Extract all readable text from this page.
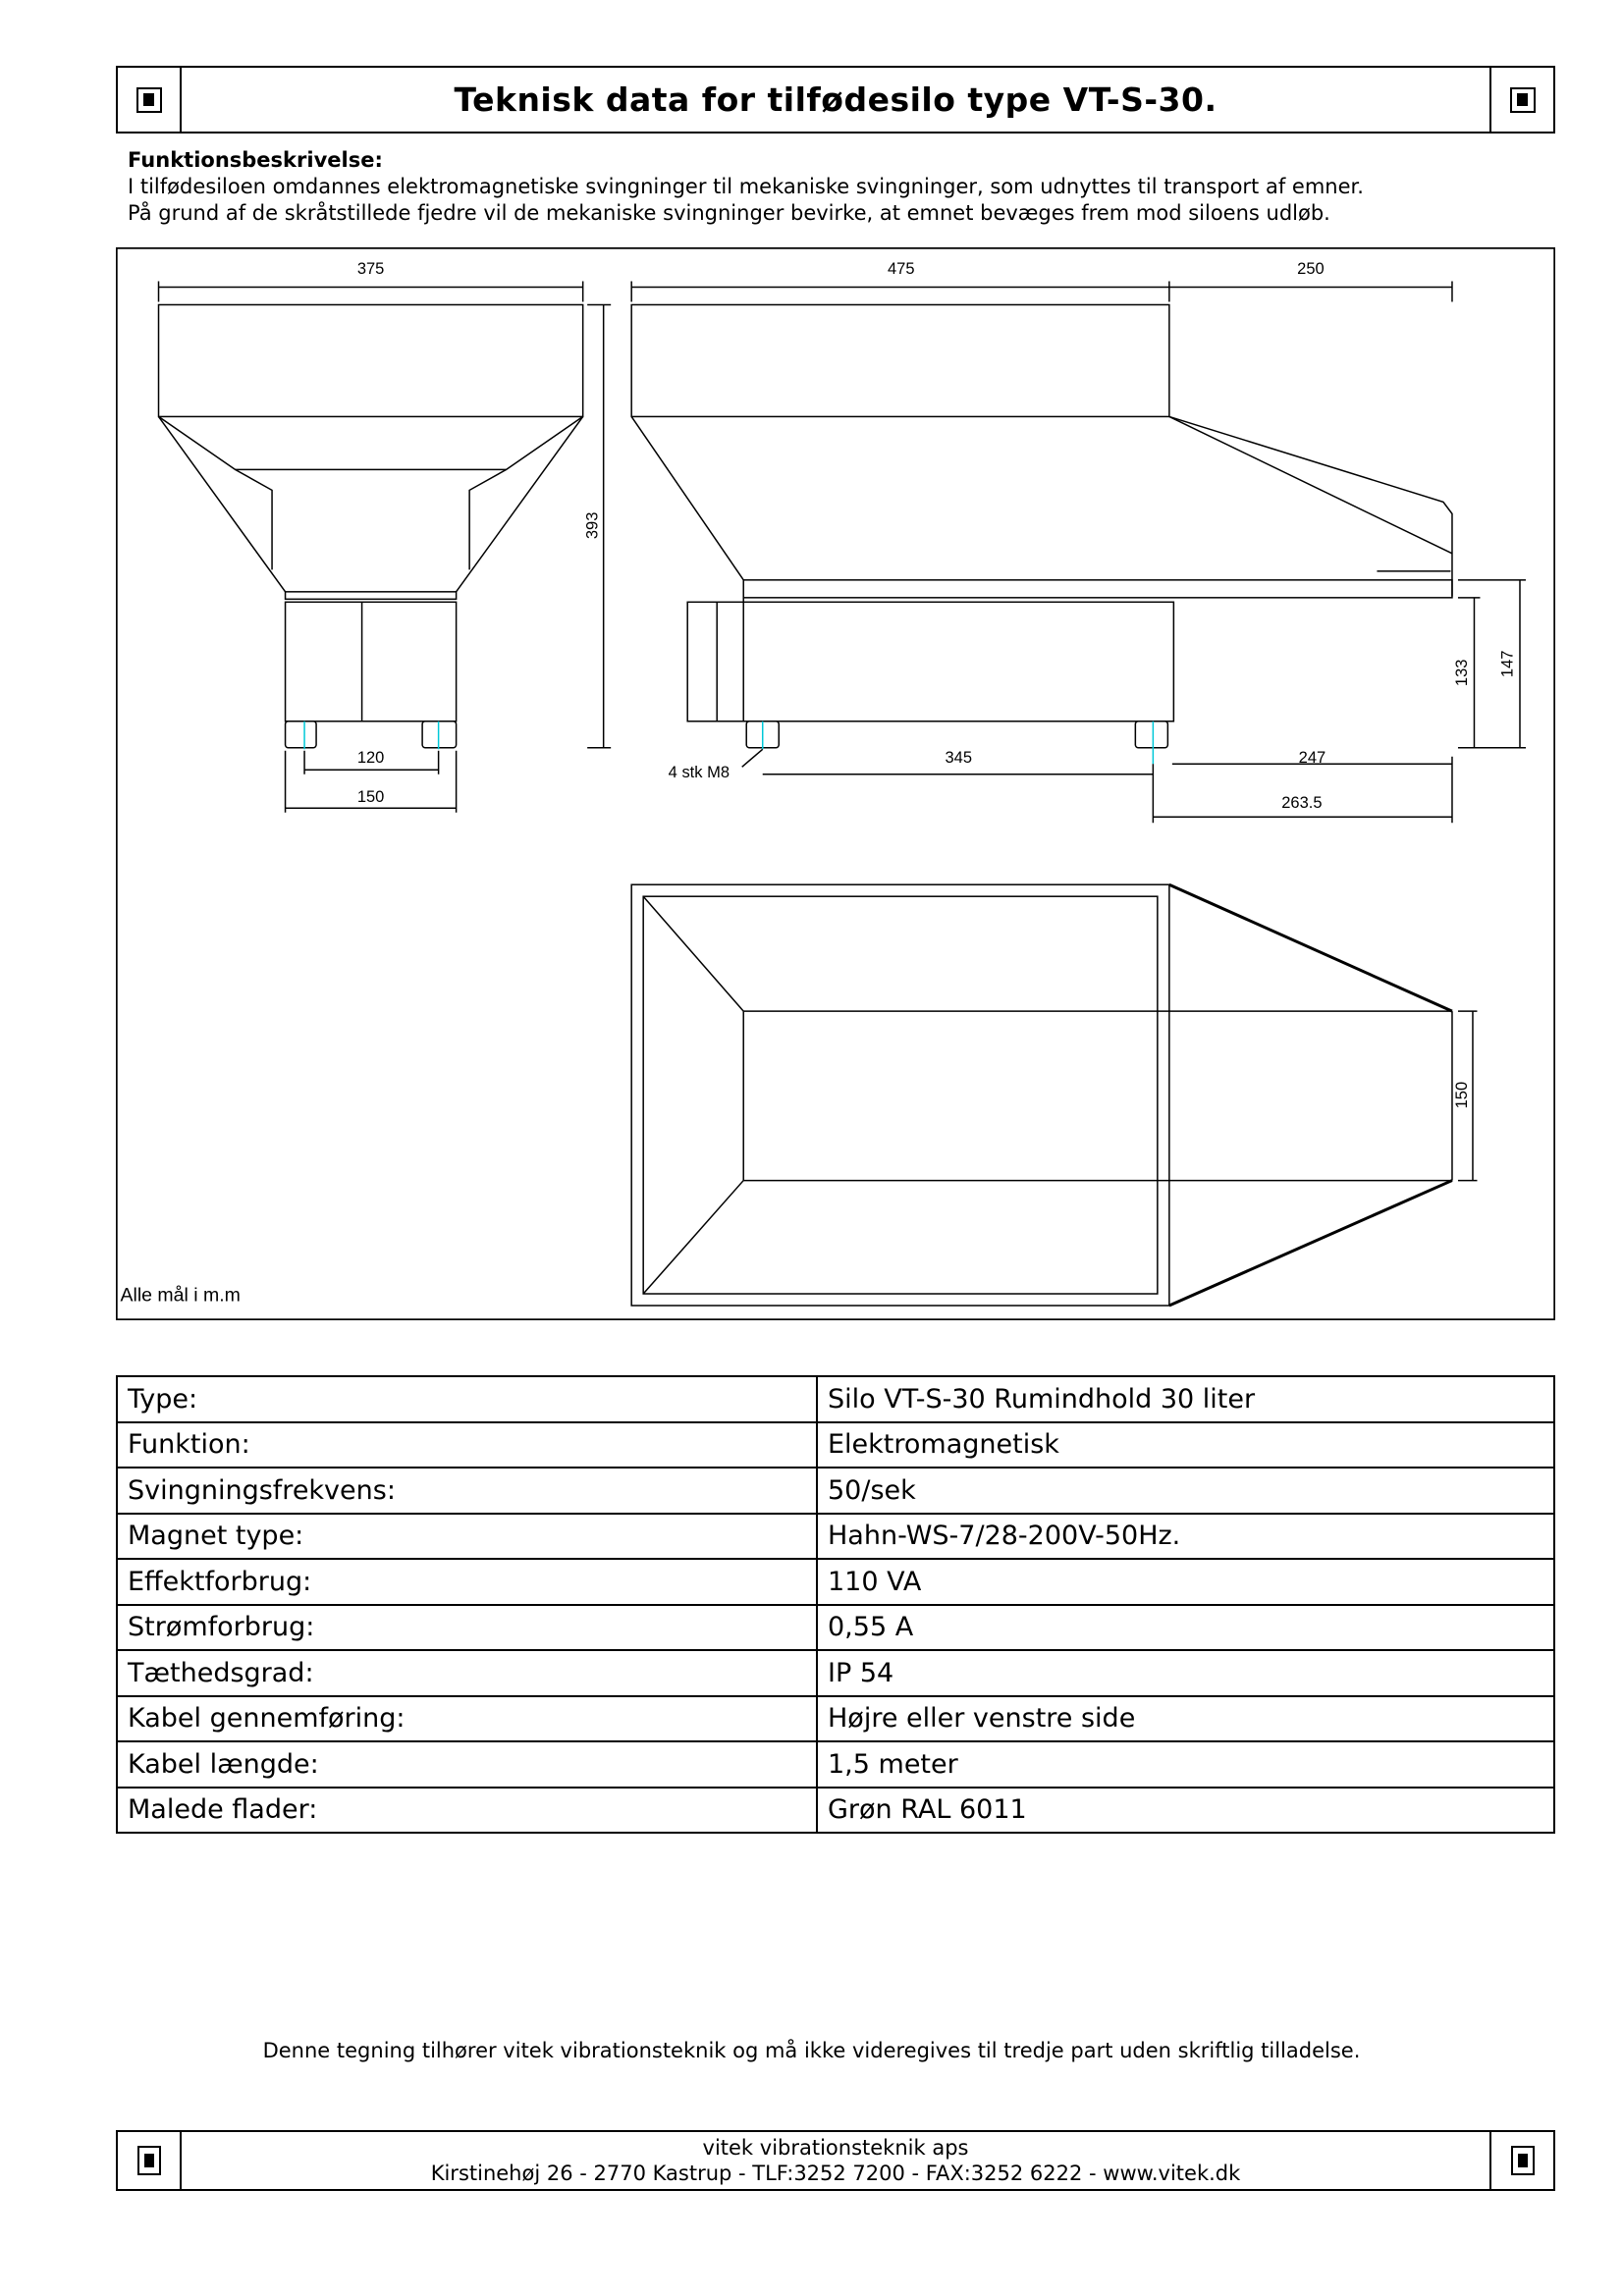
Teknisk data for tilfødesilo type VT-S-30.
Funktionsbeskrivelse:
I tilfødesiloen omdannes elektromagnetiske svingninger til mekaniske svingninger, som udnyttes til transport af emner.
På grund af de skråtstillede fjedre vil de mekaniske svingninger bevirke, at emnet bevæges frem mod siloens udløb.
375
120
150
393
475	250
345	247
263.5
4 stk M8
133	147
150
Alle mål i m.m
Type:	Silo VT-S-30 Rumindhold 30 liter
Funktion:	Elektromagnetisk
Svingningsfrekvens:	50/sek
Magnet type:	Hahn-WS-7/28-200V-50Hz.
Effektforbrug:	110 VA
Strømforbrug:	0,55 A
Tæthedsgrad:	IP 54
Kabel gennemføring:	Højre eller venstre side
Kabel længde:	1,5 meter
Malede flader:	Grøn RAL 6011
Denne tegning tilhører vitek vibrationsteknik og må ikke videregives til tredje part uden skriftlig tilladelse.
vitek vibrationsteknik aps
Kirstinehøj 26 - 2770 Kastrup - TLF:3252 7200 - FAX:3252 6222 - www.vitek.dk
